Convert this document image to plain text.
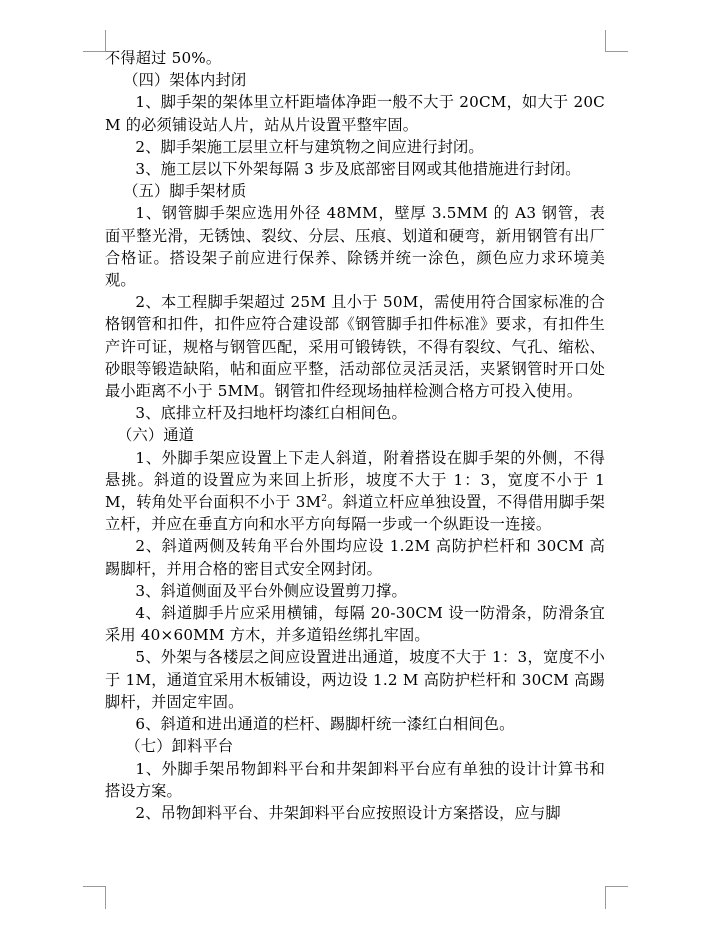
不得超过 50%。

（四）架体内封闭

1、脚手架的架体里立杆距墙体净距一般不大于 20CM，如大于 20CM 的必须铺设站人片，站从片设置平整牢固。

2、脚手架施工层里立杆与建筑物之间应进行封闭。

3、施工层以下外架每隔 3 步及底部密目网或其他措施进行封闭。

（五）脚手架材质

1、钢管脚手架应选用外径 48MM，壁厚 3.5MM 的 A3 钢管，表面平整光滑，无锈蚀、裂纹、分层、压痕、划道和硬弯，新用钢管有出厂合格证。搭设架子前应进行保养、除锈并统一涂色，颜色应力求环境美观。

2、本工程脚手架超过 25M 且小于 50M，需使用符合国家标准的合格钢管和扣件，扣件应符合建设部《钢管脚手扣件标准》要求，有扣件生产许可证，规格与钢管匹配，采用可锻铸铁，不得有裂纹、气孔、缩松、砂眼等锻造缺陷，帖和面应平整，活动部位灵活灵活，夹紧钢管时开口处最小距离不小于 5MM。钢管扣件经现场抽样检测合格方可投入使用。

3、底排立杆及扫地杆均漆红白相间色。

（六）通道

1、外脚手架应设置上下走人斜道，附着搭设在脚手架的外侧，不得悬挑。斜道的设置应为来回上折形，坡度不大于 1：3，宽度不小于 1M，转角处平台面积不小于 $3M^2$。斜道立杆应单独设置，不得借用脚手架立杆，并应在垂直方向和水平方向每隔一步或一个纵距设一连接。

2、斜道两侧及转角平台外围均应设 1.2M 高防护栏杆和 30CM 高踢脚杆，并用合格的密目式安全网封闭。

3、斜道侧面及平台外侧应设置剪刀撑。

4、斜道脚手片应采用横铺，每隔 20-30CM 设一防滑条，防滑条宜采用 40×60MM 方木，并多道铅丝绑扎牢固。

5、外架与各楼层之间应设置进出通道，坡度不大于 1：3，宽度不小于 1M，通道宜采用木板铺设，两边设 1.2 M 高防护栏杆和 30CM 高踢脚杆，并固定牢固。

6、斜道和进出通道的栏杆、踢脚杆统一漆红白相间色。

（七）卸料平台

1、外脚手架吊物卸料平台和井架卸料平台应有单独的设计计算书和搭设方案。

2、吊物卸料平台、井架卸料平台应按照设计方案搭设，应与脚
